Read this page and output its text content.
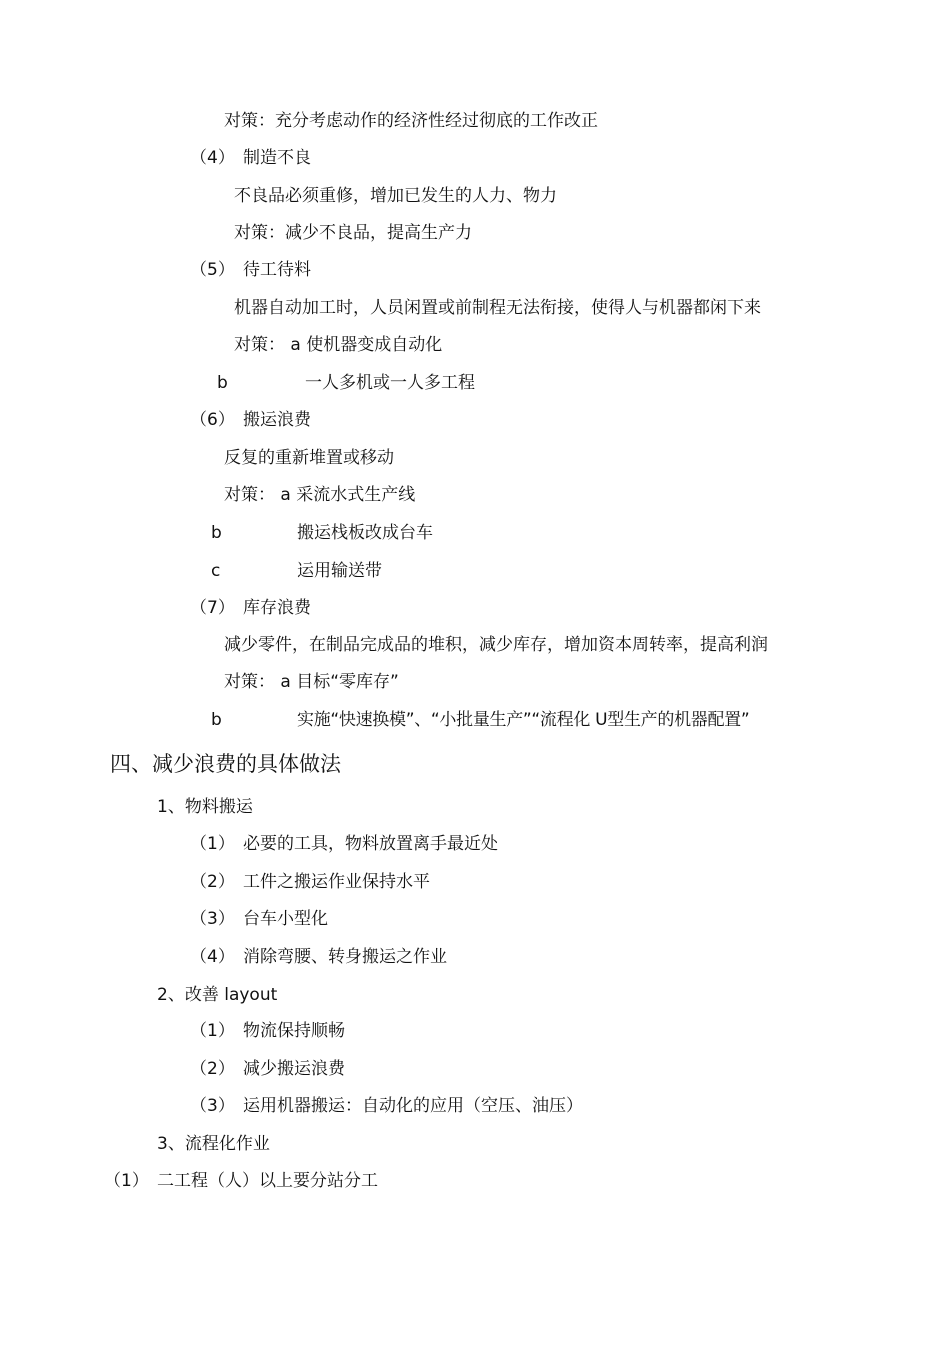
对策：充分考虑动作的经济性经过彻底的工作改正
（4） 制造不良
不良品必须重修，增加已发生的人力、物力
对策：减少不良品，提高生产力
（5） 待工待料
机器自动加工时，人员闲置或前制程无法衔接，使得人与机器都闲下来
对策： a 使机器变成自动化
b	一人多机或一人多工程
（6） 搬运浪费
反复的重新堆置或移动
对策： a 采流水式生产线
b	搬运栈板改成台车
c	运用输送带
（7） 库存浪费
减少零件，在制品完成品的堆积，减少库存，增加资本周转率，提高利润
对策： a 目标“零库存”
b	实施“快速换模”、“小批量生产”“流程化 U型生产的机器配置”
四、减少浪费的具体做法
1、物料搬运
（1） 必要的工具，物料放置离手最近处
（2） 工件之搬运作业保持水平
（3） 台车小型化
（4） 消除弯腰、转身搬运之作业
2、改善 layout
（1） 物流保持顺畅
（2） 减少搬运浪费
（3） 运用机器搬运：自动化的应用（空压、油压）
3、流程化作业
（1） 二工程（人）以上要分站分工
